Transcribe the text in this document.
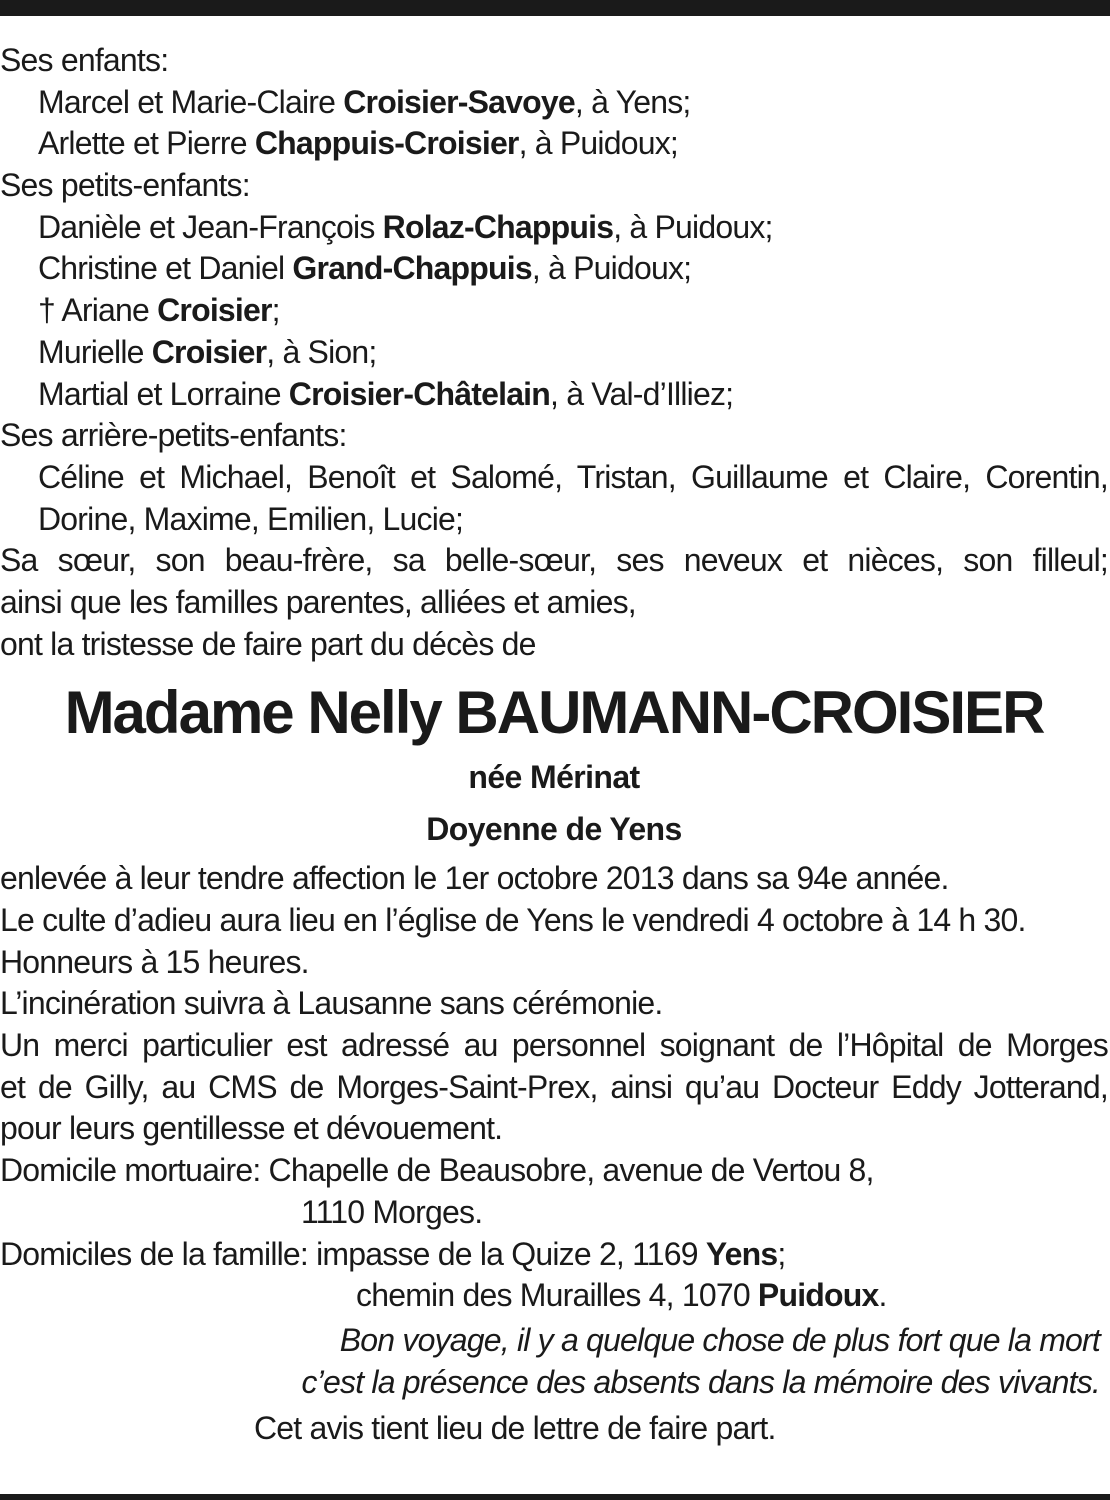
Ses enfants:
Marcel et Marie-Claire Croisier-Savoye, à Yens;
Arlette et Pierre Chappuis-Croisier, à Puidoux;
Ses petits-enfants:
Danièle et Jean-François Rolaz-Chappuis, à Puidoux;
Christine et Daniel Grand-Chappuis, à Puidoux;
† Ariane Croisier;
Murielle Croisier, à Sion;
Martial et Lorraine Croisier-Châtelain, à Val-d’Illiez;
Ses arrière-petits-enfants:
Céline et Michael, Benoît et Salomé, Tristan, Guillaume et Claire, Corentin,
Dorine, Maxime, Emilien, Lucie;
Sa sœur, son beau-frère, sa belle-sœur, ses neveux et nièces, son filleul;
ainsi que les familles parentes, alliées et amies,
ont la tristesse de faire part du décès de
Madame Nelly BAUMANN-CROISIER
née Mérinat
Doyenne de Yens
enlevée à leur tendre affection le 1er octobre 2013 dans sa 94e année.
Le culte d’adieu aura lieu en l’église de Yens le vendredi 4 octobre à 14 h 30.
Honneurs à 15 heures.
L’incinération suivra à Lausanne sans cérémonie.
Un merci particulier est adressé au personnel soignant de l’Hôpital de Morges
et de Gilly, au CMS de Morges-Saint-Prex, ainsi qu’au Docteur Eddy Jotterand,
pour leurs gentillesse et dévouement.
Domicile mortuaire: Chapelle de Beausobre, avenue de Vertou 8,
1110 Morges.
Domiciles de la famille: impasse de la Quize 2, 1169 Yens;
chemin des Murailles 4, 1070 Puidoux.
Bon voyage, il y a quelque chose de plus fort que la mort
c’est la présence des absents dans la mémoire des vivants.
Cet avis tient lieu de lettre de faire part.
